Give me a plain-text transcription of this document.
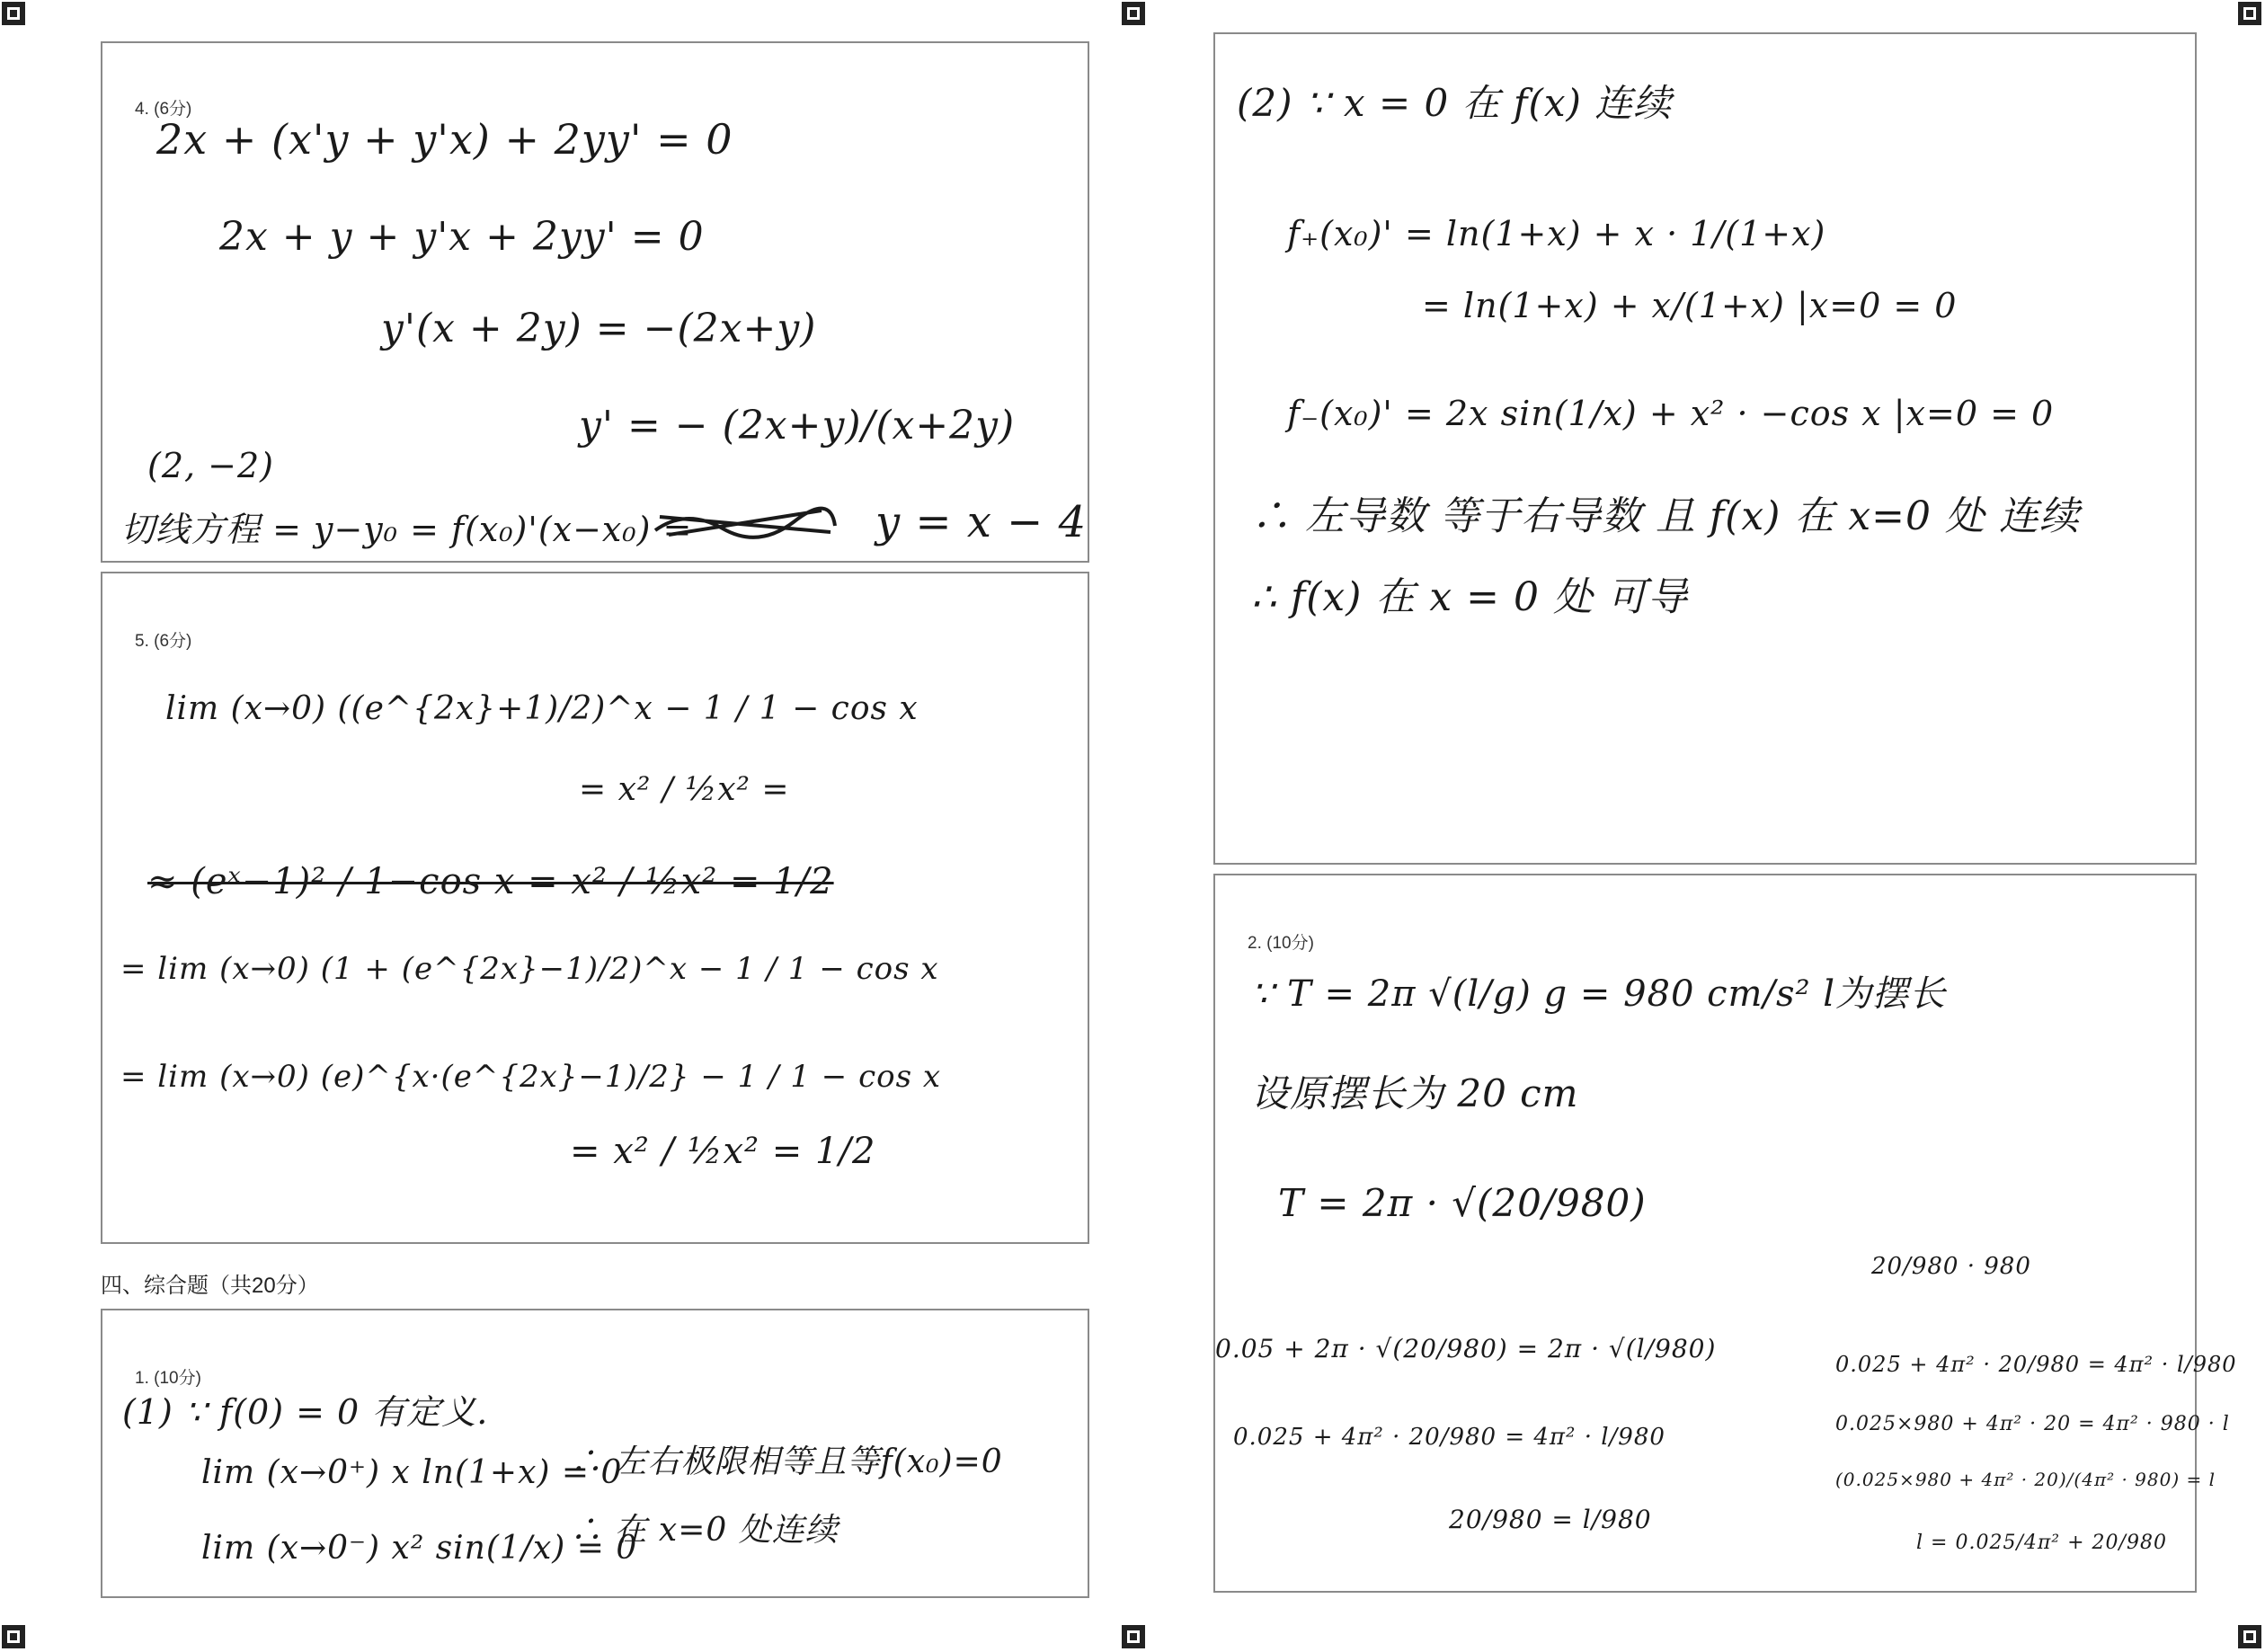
4. (6分)
2x + (x'y + y'x) + 2yy' = 0
2x + y + y'x + 2yy' = 0
y'(x + 2y) = −(2x+y)
y' = − (2x+y)/(x+2y)
(2, −2)
切线方程 = y−y₀ = f(x₀)'(x−x₀) =	y = x − 4
5. (6分)
lim (x→0) ((e^{2x}+1)/2)^x − 1 / 1 − cos x
= x² / ½x² =
≈ (eˣ−1)² / 1−cos x = x² / ½x² = 1/2
= lim (x→0) (1 + (e^{2x}−1)/2)^x − 1 / 1 − cos x
= lim (x→0) (e)^{x·(e^{2x}−1)/2} − 1 / 1 − cos x
= x² / ½x² = 1/2
四、综合题（共20分）
1. (10分)
(1) ∵ f(0) = 0 有定义.
lim (x→0⁺) x ln(1+x) = 0
lim (x→0⁻) x² sin(1/x) = 0
∴ 左右极限相等且等f(x₀)=0
∴ 在 x=0 处连续
(2) ∵ x = 0 在 f(x) 连续
f₊(x₀)' = ln(1+x) + x · 1/(1+x)
= ln(1+x) + x/(1+x) |x=0 = 0
f₋(x₀)' = 2x sin(1/x) + x² · −cos x |x=0 = 0
∴ 左导数 等于右导数 且 f(x) 在 x=0 处 连续
∴ f(x) 在 x = 0 处 可导
2. (10分)
∵ T = 2π √(l/g) g = 980 cm/s² l为摆长
设原摆长为 20 cm
T = 2π · √(20/980)
0.05 + 2π · √(20/980) = 2π · √(l/980)
0.025 + 4π² · 20/980 = 4π² · l/980
20/980 = l/980
20/980 · 980
0.025 + 4π² · 20/980 = 4π² · l/980
0.025×980 + 4π² · 20 = 4π² · 980 · l
(0.025×980 + 4π² · 20)/(4π² · 980) = l
l = 0.025/4π² + 20/980
